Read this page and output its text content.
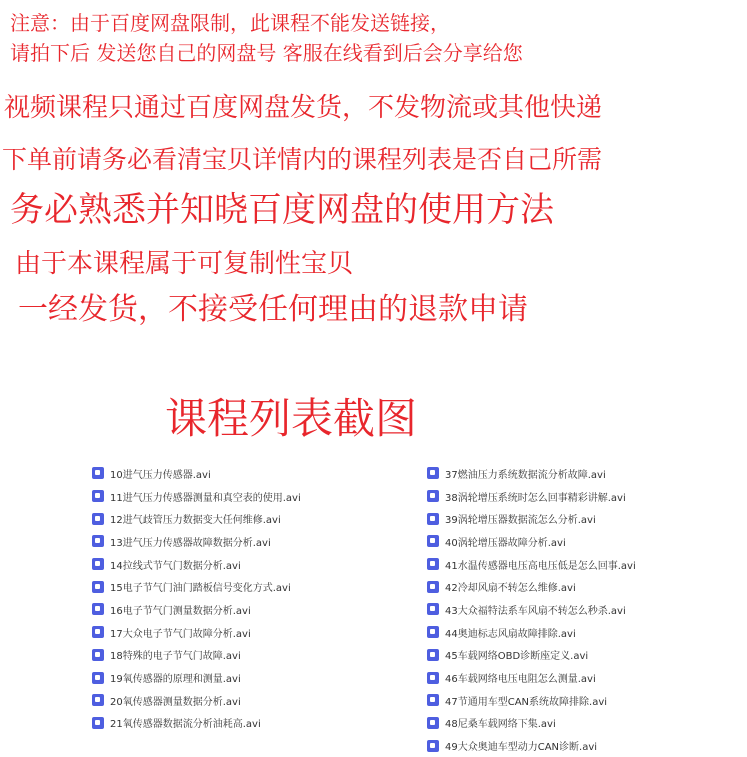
注意：由于百度网盘限制，此课程不能发送链接，
请拍下后 发送您自己的网盘号 客服在线看到后会分享给您
视频课程只通过百度网盘发货，不发物流或其他快递
下单前请务必看清宝贝详情内的课程列表是否自己所需
务必熟悉并知晓百度网盘的使用方法
由于本课程属于可复制性宝贝
一经发货，不接受任何理由的退款申请
课程列表截图
10进气压力传感器.avi
11进气压力传感器测量和真空表的使用.avi
12进气歧管压力数据变大任何维修.avi
13进气压力传感器故障数据分析.avi
14拉线式节气门数据分析.avi
15电子节气门油门踏板信号变化方式.avi
16电子节气门测量数据分析.avi
17大众电子节气门故障分析.avi
18特殊的电子节气门故障.avi
19氧传感器的原理和测量.avi
20氧传感器测量数据分析.avi
21氧传感器数据流分析油耗高.avi
37燃油压力系统数据流分析故障.avi
38涡轮增压系统时怎么回事精彩讲解.avi
39涡轮增压器数据流怎么分析.avi
40涡轮增压器故障分析.avi
41水温传感器电压高电压低是怎么回事.avi
42冷却风扇不转怎么维修.avi
43大众福特法系车风扇不转怎么秒杀.avi
44奥迪标志风扇故障排除.avi
45车载网络OBD诊断座定义.avi
46车载网络电压电阻怎么测量.avi
47节通用车型CAN系统故障排除.avi
48尼桑车载网络下集.avi
49大众奥迪车型动力CAN诊断.avi
